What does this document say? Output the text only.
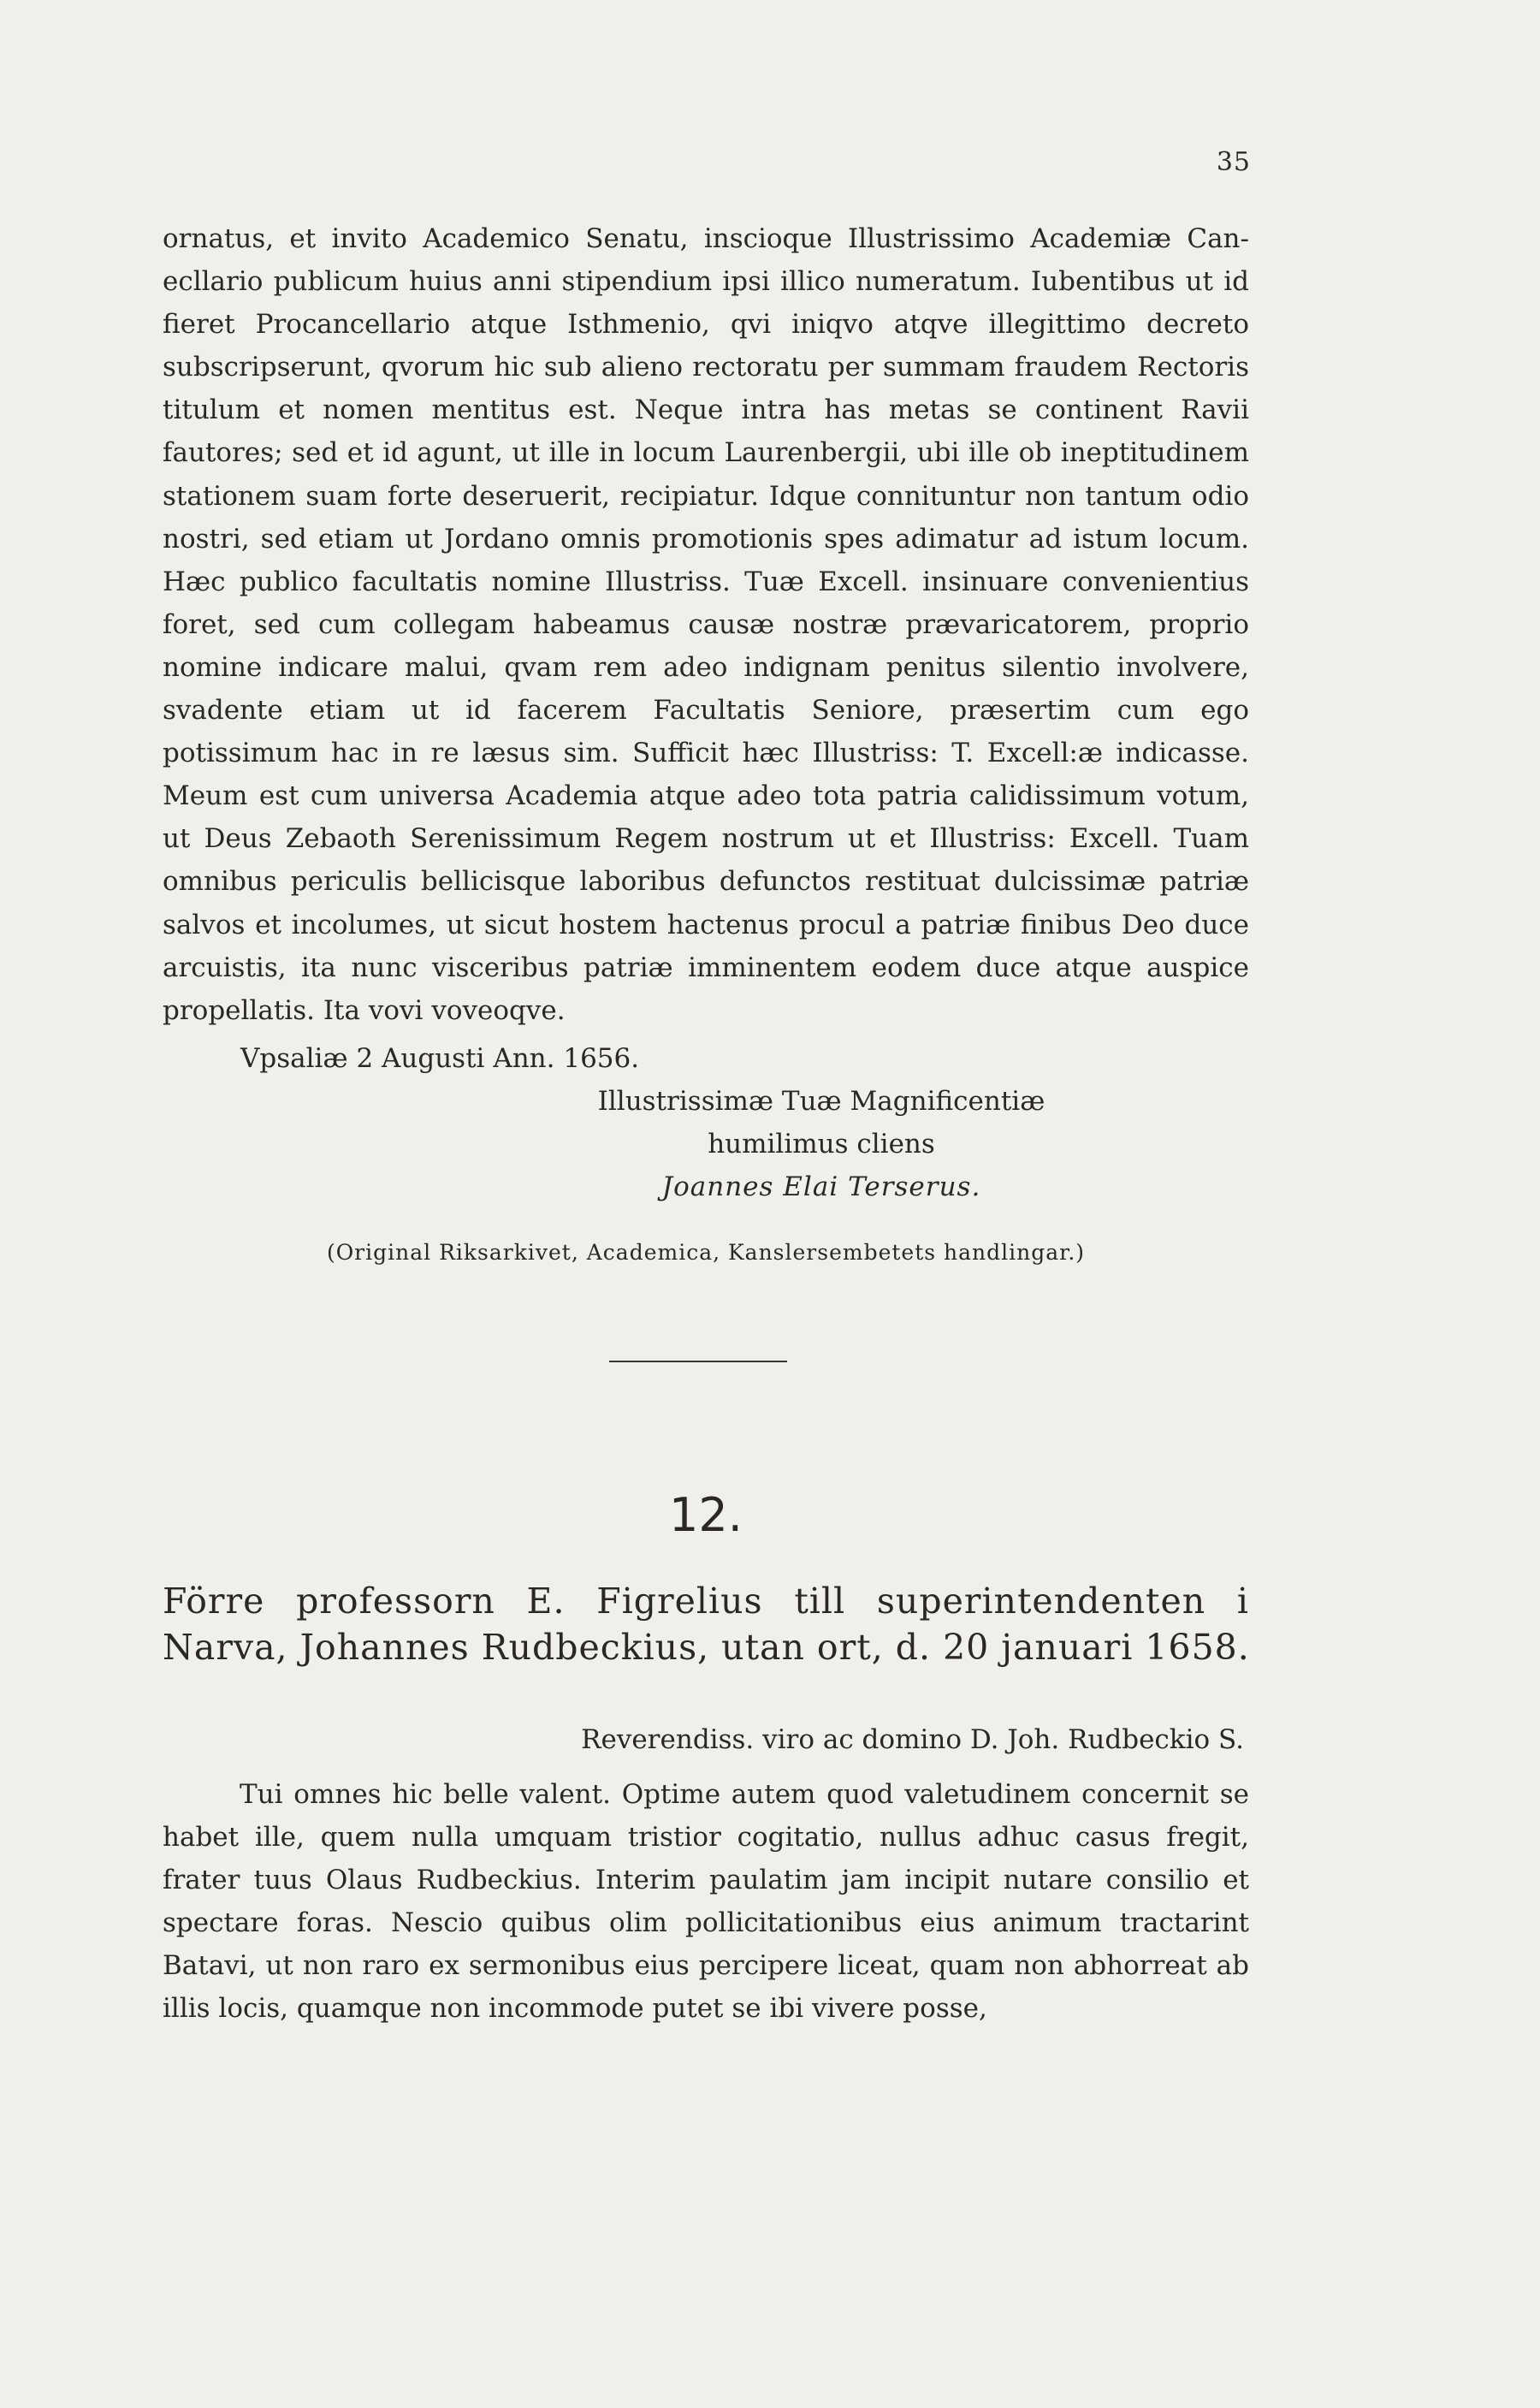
35

ornatus, et invito Academico Senatu, inscioque Illustrissimo Academiæ Canecllario publicum huius anni stipendium ipsi illico numeratum. Iubentibus ut id fieret Procancellario atque Isthmenio, qvi iniqvo atqve illegittimo decreto subscripserunt, qvorum hic sub alieno rectoratu per summam fraudem Rectoris titulum et nomen mentitus est. Neque intra has metas se continent Ravii fautores; sed et id agunt, ut ille in locum Laurenbergii, ubi ille ob ineptitudinem stationem suam forte deseruerit, recipiatur. Idque connituntur non tantum odio nostri, sed etiam ut Jordano omnis promotionis spes adimatur ad istum locum. Hæc publico facultatis nomine Illustriss. Tuæ Excell. insinuare convenientius foret, sed cum collegam habeamus causæ nostræ prævaricatorem, proprio nomine indicare malui, qvam rem adeo indignam penitus silentio involvere, svadente etiam ut id facerem Facultatis Seniore, præsertim cum ego potissimum hac in re læsus sim. Sufficit hæc Illustriss: T. Excell:æ indicasse. Meum est cum universa Academia atque adeo tota patria calidissimum votum, ut Deus Zebaoth Serenissimum Regem nostrum ut et Illustriss: Excell. Tuam omnibus periculis bellicisque laboribus defunctos restituat dulcissimæ patriæ salvos et incolumes, ut sicut hostem hactenus procul a patriæ finibus Deo duce arcuistis, ita nunc visceribus patriæ imminentem eodem duce atque auspice propellatis. Ita vovi voveoqve.

Vpsaliæ 2 Augusti Ann. 1656.
Illustrissimæ Tuæ Magnificentiæ
humilimus cliens
Joannes Elai Terserus.
(Original Riksarkivet, Academica, Kanslersembetets handlingar.)
12.
Förre professorn E. Figrelius till superintendenten i
Narva, Johannes Rudbeckius, utan ort, d. 20 januari 1658.
Reverendiss. viro ac domino D. Joh. Rudbeckio S.

Tui omnes hic belle valent. Optime autem quod valetudinem concernit se habet ille, quem nulla umquam tristior cogitatio, nullus adhuc casus fregit, frater tuus Olaus Rudbeckius. Interim paulatim jam incipit nutare consilio et spectare foras. Nescio quibus olim pollicitationibus eius animum tractarint Batavi, ut non raro ex sermonibus eius percipere liceat, quam non abhorreat ab illis locis, quamque non incommode putet se ibi vivere posse,
